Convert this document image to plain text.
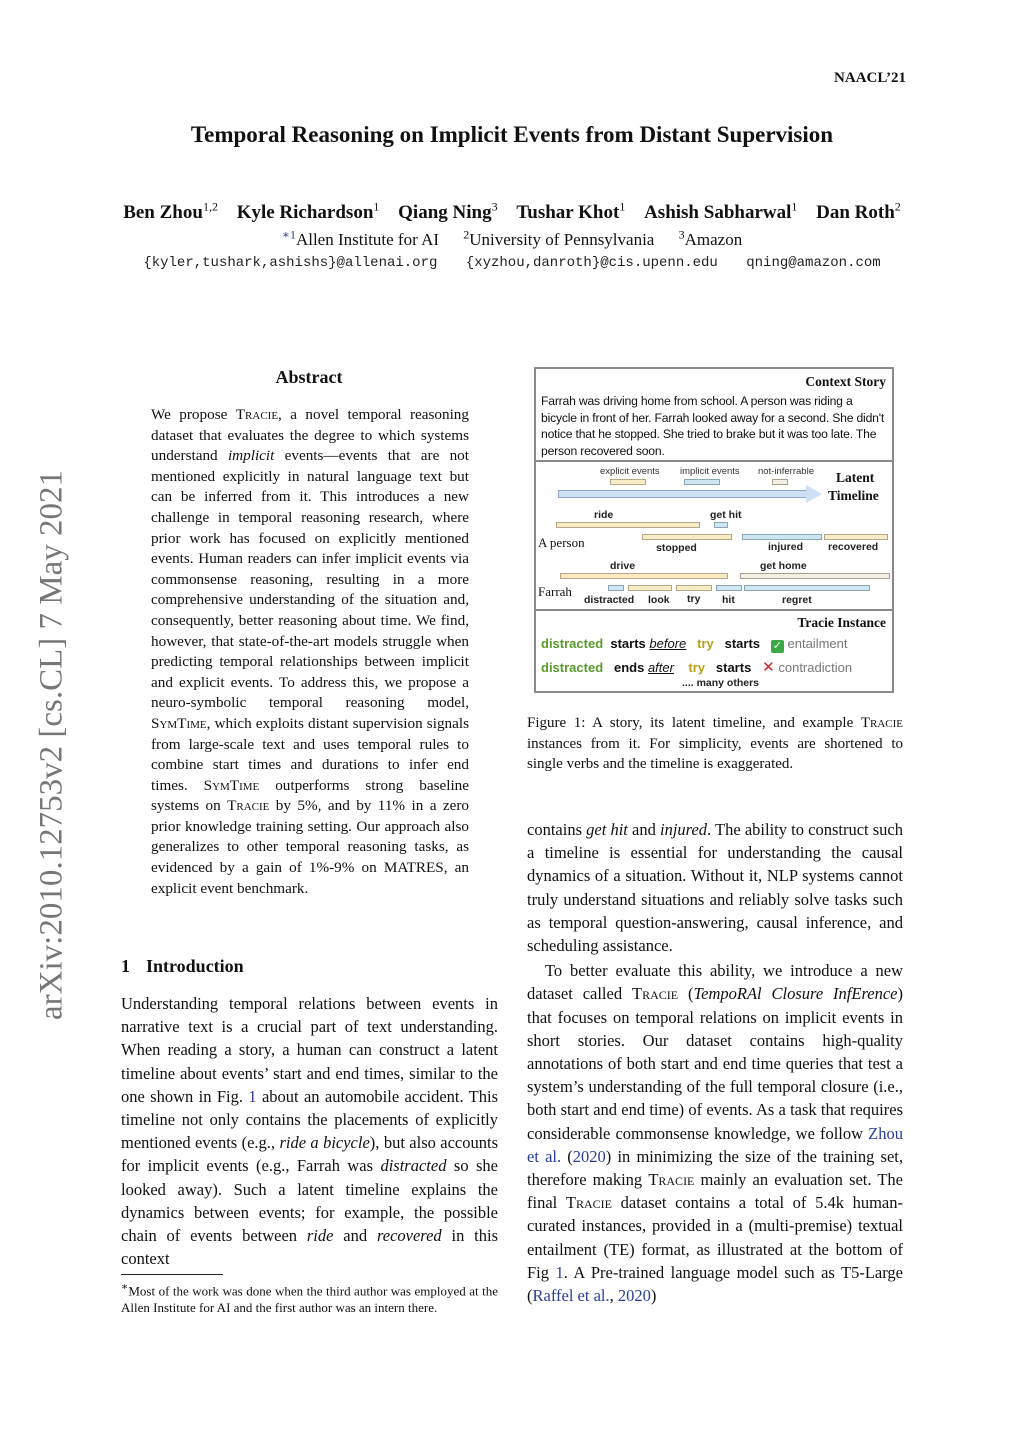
NAACL’21
arXiv:2010.12753v2 [cs.CL] 7 May 2021
Temporal Reasoning on Implicit Events from Distant Supervision
Ben Zhou$^{1,2}$ Kyle Richardson$^1$ Qiang Ning$^3$ Tushar Khot$^1$ Ashish Sabharwal$^1$ Dan Roth$^2$
$^{∗1}$Allen Institute for AI $^2$University of Pennsylvania $^3$Amazon
{kyler,tushark,ashishs}@allenai.org {xyzhou,danroth}@cis.upenn.edu qning@amazon.com
Abstract
We propose Tracie, a novel temporal reasoning dataset that evaluates the degree to which systems understand implicit events—events that are not mentioned explicitly in natural language text but can be inferred from it. This introduces a new challenge in temporal reasoning research, where prior work has focused on explicitly mentioned events. Human readers can infer implicit events via commonsense reasoning, resulting in a more comprehensive understanding of the situation and, consequently, better reasoning about time. We find, however, that state-of-the-art models struggle when predicting temporal relationships between implicit and explicit events. To address this, we propose a neuro-symbolic temporal reasoning model, SymTime, which exploits distant supervision signals from large-scale text and uses temporal rules to combine start times and durations to infer end times. SymTime outperforms strong baseline systems on Tracie by 5%, and by 11% in a zero prior knowledge training setting. Our approach also generalizes to other temporal reasoning tasks, as evidenced by a gain of 1%-9% on MATRES, an explicit event benchmark.
1 Introduction

Understanding temporal relations between events in narrative text is a crucial part of text understanding. When reading a story, a human can construct a latent timeline about events’ start and end times, similar to the one shown in Fig. 1 about an automobile accident. This timeline not only contains the placements of explicitly mentioned events (e.g., ride a bicycle), but also accounts for implicit events (e.g., Farrah was distracted so she looked away). Such a latent timeline explains the dynamics between events; for example, the possible chain of events between ride and recovered in this context

∗Most of the work was done when the third author was employed at the Allen Institute for AI and the first author was an intern there.
Context Story
Farrah was driving home from school. A person was riding a bicycle in front of her. Farrah looked away for a second. She didn't notice that he stopped. She tried to brake but it was too late. The person recovered soon.
explicit events implicit events not-inferrable Latent
Timeline
A person
ride	get hit
stopped	injured recovered
Farrah
drive	get home
distracted look try hit	regret
Tracie Instance
distracted starts before try starts ✓ entailment
distracted ends after try starts ✕ contradiction
.... many others
Figure 1: A story, its latent timeline, and example Tracie instances from it. For simplicity, events are shortened to single verbs and the timeline is exaggerated.

contains get hit and injured. The ability to construct such a timeline is essential for understanding the causal dynamics of a situation. Without it, NLP systems cannot truly understand situations and reliably solve tasks such as temporal question-answering, causal inference, and scheduling assistance.

To better evaluate this ability, we introduce a new dataset called Tracie (TempoRAl Closure InfErence) that focuses on temporal relations on implicit events in short stories. Our dataset contains high-quality annotations of both start and end time queries that test a system’s understanding of the full temporal closure (i.e., both start and end time) of events. As a task that requires considerable commonsense knowledge, we follow Zhou et al. (2020) in minimizing the size of the training set, therefore making Tracie mainly an evaluation set. The final Tracie dataset contains a total of 5.4k human-curated instances, provided in a (multi-premise) textual entailment (TE) format, as illustrated at the bottom of Fig 1. A Pre-trained language model such as T5-Large (Raffel et al., 2020)
